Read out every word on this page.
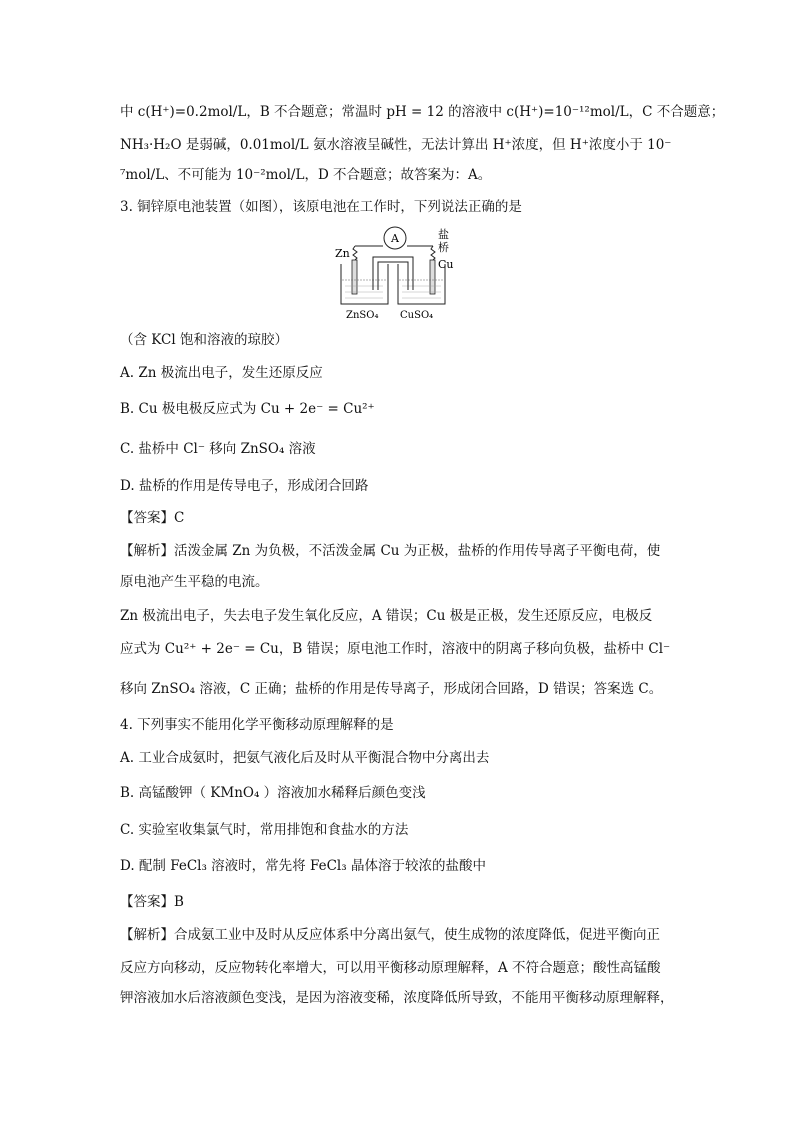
中 c(H⁺)=0.2mol/L，B 不合题意；常温时 pH = 12 的溶液中 c(H⁺)=10⁻¹²mol/L，C 不合题意；
NH₃·H₂O 是弱碱，0.01mol/L 氨水溶液呈碱性，无法计算出 H⁺浓度，但 H⁺浓度小于 10⁻
⁷mol/L、不可能为 10⁻²mol/L，D 不合题意；故答案为：A。
3. 铜锌原电池装置（如图），该原电池在工作时，下列说法正确的是
A
Zn
Cu
盐
桥
ZnSO₄ CuSO₄
（含 KCl 饱和溶液的琼胶）
A. Zn 极流出电子，发生还原反应
B. Cu 极电极反应式为 Cu + 2e⁻ = Cu²⁺
C. 盐桥中 Cl⁻ 移向 ZnSO₄ 溶液
D. 盐桥的作用是传导电子，形成闭合回路
【答案】C
【解析】活泼金属 Zn 为负极，不活泼金属 Cu 为正极，盐桥的作用传导离子平衡电荷，使
原电池产生平稳的电流。
Zn 极流出电子，失去电子发生氧化反应，A 错误；Cu 极是正极，发生还原反应，电极反
应式为 Cu²⁺ + 2e⁻ = Cu，B 错误；原电池工作时，溶液中的阴离子移向负极，盐桥中 Cl⁻
移向 ZnSO₄ 溶液，C 正确；盐桥的作用是传导离子，形成闭合回路，D 错误；答案选 C。
4. 下列事实不能用化学平衡移动原理解释的是
A. 工业合成氨时，把氨气液化后及时从平衡混合物中分离出去
B. 高锰酸钾（ KMnO₄ ）溶液加水稀释后颜色变浅
C. 实验室收集氯气时，常用排饱和食盐水的方法
D. 配制 FeCl₃ 溶液时，常先将 FeCl₃ 晶体溶于较浓的盐酸中
【答案】B
【解析】合成氨工业中及时从反应体系中分离出氨气，使生成物的浓度降低，促进平衡向正
反应方向移动，反应物转化率增大，可以用平衡移动原理解释，A 不符合题意；酸性高锰酸
钾溶液加水后溶液颜色变浅，是因为溶液变稀，浓度降低所导致，不能用平衡移动原理解释，
